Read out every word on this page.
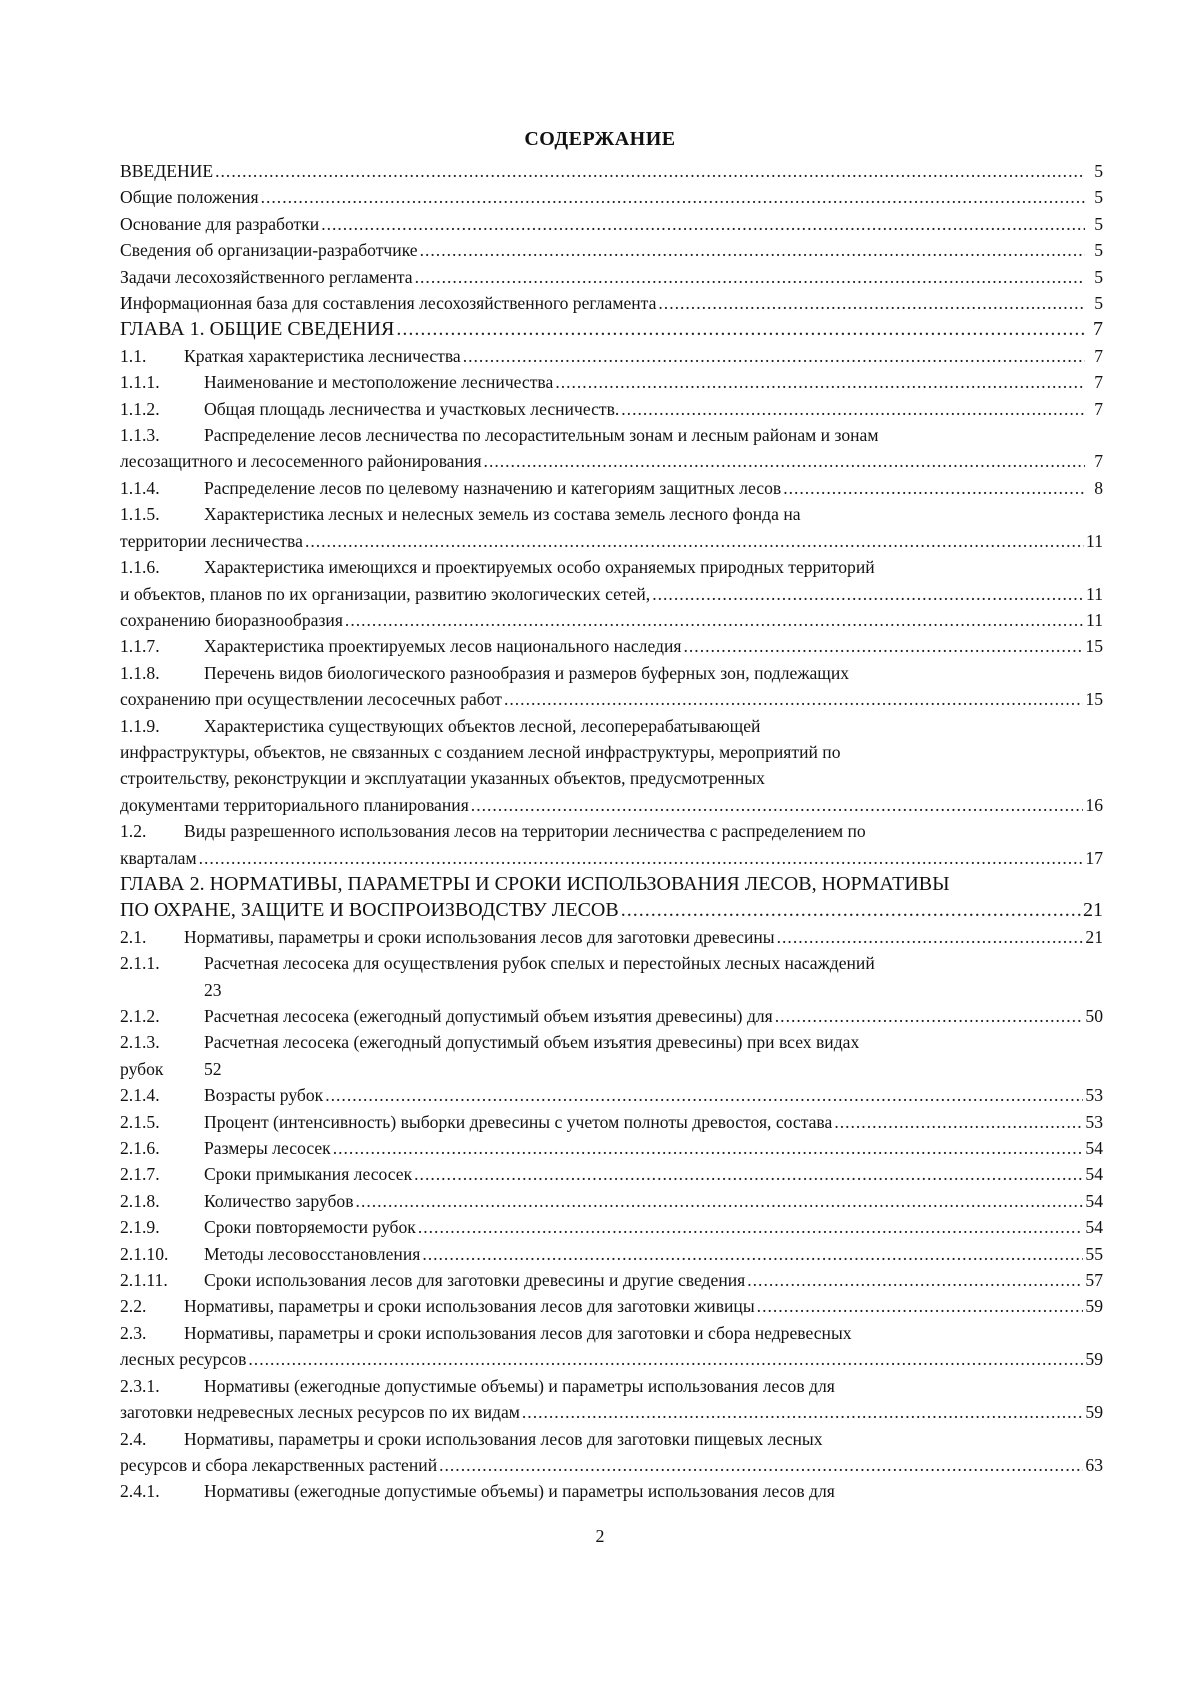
СОДЕРЖАНИЕ
ВВЕДЕНИЕ .....	5
Общие положения .....	5
Основание для разработки .....	5
Сведения об организации-разработчике .....	5
Задачи лесохозяйственного регламента .....	5
Информационная база для составления лесохозяйственного регламента .....	5
ГЛАВА 1. ОБЩИЕ СВЕДЕНИЯ .....	7
1.1.	Краткая характеристика лесничества .....	7
1.1.1.	Наименование и местоположение лесничества .....	7
1.1.2.	Общая площадь лесничества и участковых лесничеств. .....	7
1.1.3.	Распределение лесов лесничества по лесорастительным зонам и лесным районам и зонам
лесозащитного и лесосеменного районирования .....	7
1.1.4.	Распределение лесов по целевому назначению и категориям защитных лесов .....	8
1.1.5.	Характеристика лесных и нелесных земель из состава земель лесного фонда на
территории лесничества .....	11
1.1.6.	Характеристика имеющихся и проектируемых особо охраняемых природных территорий
и объектов, планов по их организации, развитию экологических сетей, .....	11
сохранению биоразнообразия .....	11
1.1.7.	Характеристика проектируемых лесов национального наследия .....	15
1.1.8.	Перечень видов биологического разнообразия и размеров буферных зон, подлежащих
сохранению при осуществлении лесосечных работ .....	15
1.1.9.	Характеристика существующих объектов лесной, лесоперерабатывающей
инфраструктуры, объектов, не связанных с созданием лесной инфраструктуры, мероприятий по
строительству, реконструкции и эксплуатации указанных объектов, предусмотренных
документами территориального планирования .....	16
1.2.	Виды разрешенного использования лесов на территории лесничества с распределением по
кварталам .....	17
ГЛАВА 2. НОРМАТИВЫ, ПАРАМЕТРЫ И СРОКИ ИСПОЛЬЗОВАНИЯ ЛЕСОВ, НОРМАТИВЫ
ПО ОХРАНЕ, ЗАЩИТЕ И ВОСПРОИЗВОДСТВУ ЛЕСОВ .....	21
2.1.	Нормативы, параметры и сроки использования лесов для заготовки древесины .....	21
2.1.1.	Расчетная лесосека для осуществления рубок спелых и перестойных лесных насаждений
23
2.1.2.	Расчетная лесосека (ежегодный допустимый объем изъятия древесины) для .....	50
2.1.3.	Расчетная лесосека (ежегодный допустимый объем изъятия древесины) при всех видах
рубок	52
2.1.4.	Возрасты рубок .....	53
2.1.5.	Процент (интенсивность) выборки древесины с учетом полноты древостоя, состава .....	53
2.1.6.	Размеры лесосек .....	54
2.1.7.	Сроки примыкания лесосек .....	54
2.1.8.	Количество зарубов .....	54
2.1.9.	Сроки повторяемости рубок .....	54
2.1.10.	Методы лесовосстановления .....	55
2.1.11.	Сроки использования лесов для заготовки древесины и другие сведения .....	57
2.2.	Нормативы, параметры и сроки использования лесов для заготовки живицы .....	59
2.3.	Нормативы, параметры и сроки использования лесов для заготовки и сбора недревесных
лесных ресурсов .....	59
2.3.1.	Нормативы (ежегодные допустимые объемы) и параметры использования лесов для
заготовки недревесных лесных ресурсов по их видам .....	59
2.4.	Нормативы, параметры и сроки использования лесов для заготовки пищевых лесных
ресурсов и сбора лекарственных растений .....	63
2.4.1.	Нормативы (ежегодные допустимые объемы) и параметры использования лесов для
2
